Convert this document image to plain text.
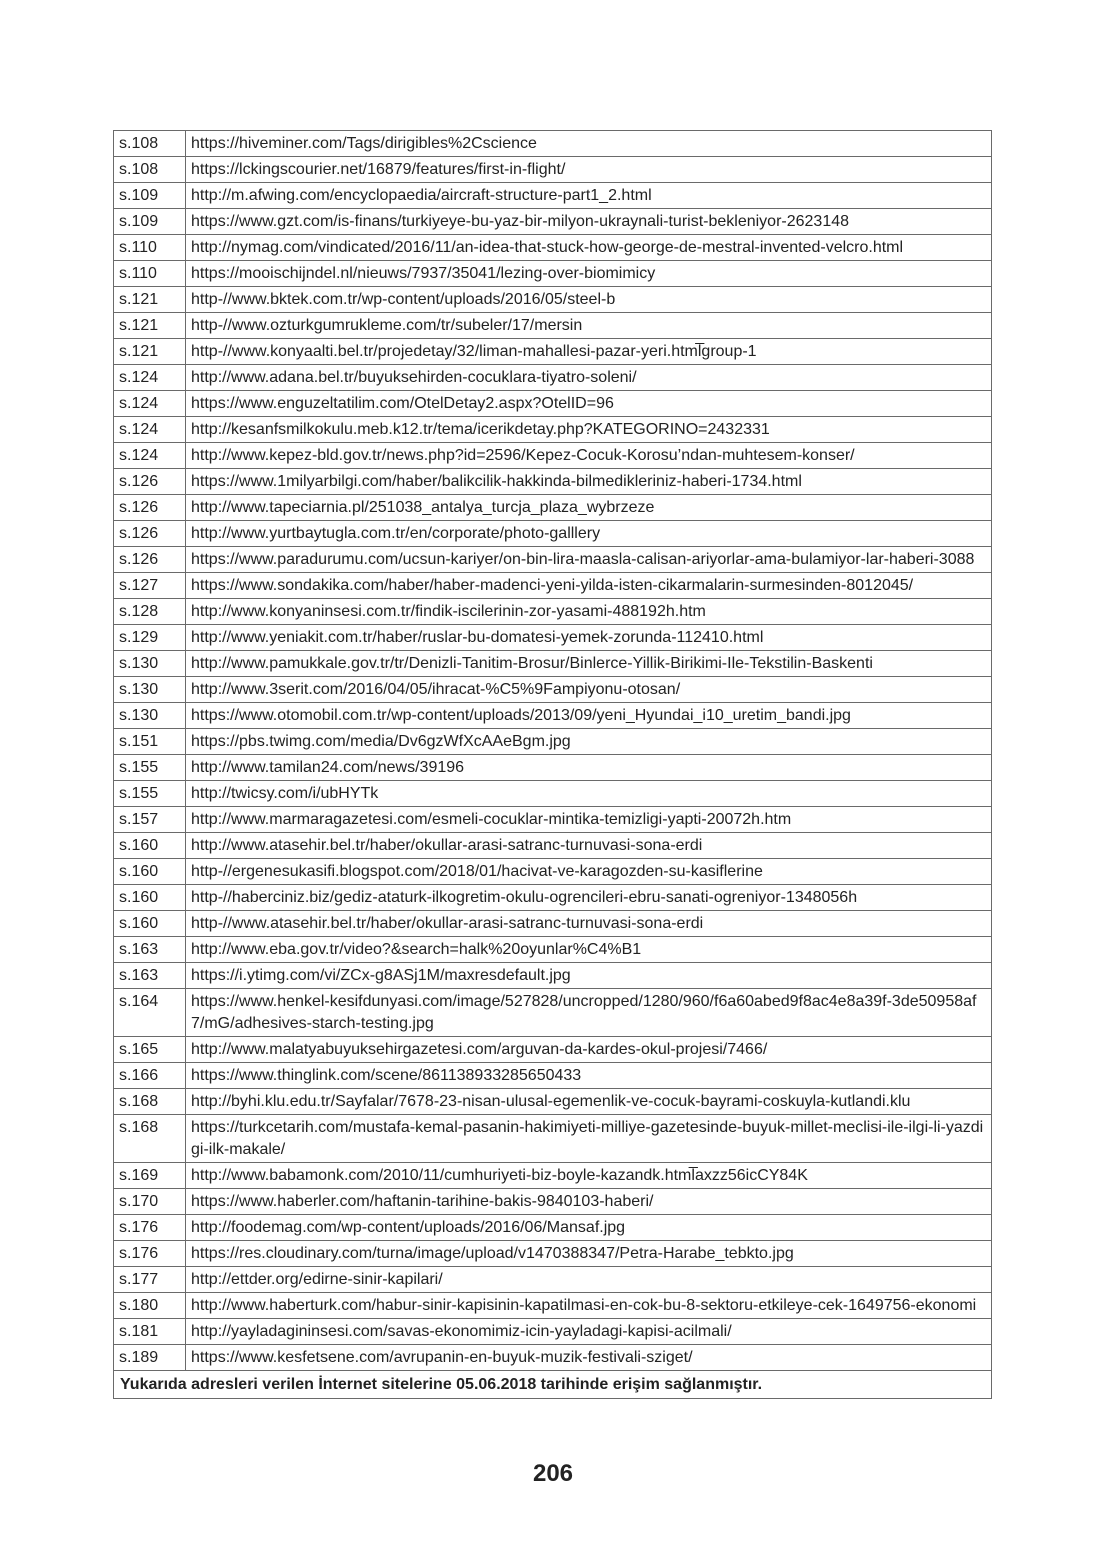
s.108	https://hiveminer.com/Tags/dirigibles%2Cscience
s.108	https://lckingscourier.net/16879/features/first-in-flight/
s.109	http://m.afwing.com/encyclopaedia/aircraft-structure-part1_2.html
s.109	https://www.gzt.com/is-finans/turkiyeye-bu-yaz-bir-milyon-ukraynali-turist-bekleniyor-2623148
s.110	http://nymag.com/vindicated/2016/11/an-idea-that-stuck-how-george-de-mestral-invented-velcro.html
s.110	https://mooischijndel.nl/nieuws/7937/35041/lezing-over-biomimicy
s.121	http-//www.bktek.com.tr/wp-content/uploads/2016/05/steel-b
s.121	http-//www.ozturkgumrukleme.com/tr/subeler/17/mersin
s.121	http-//www.konyaalti.bel.tr/projedetay/32/liman-mahallesi-pazar-yeri.html̅group-1
s.124	http://www.adana.bel.tr/buyuksehirden-cocuklara-tiyatro-soleni/
s.124	https://www.enguzeltatilim.com/OtelDetay2.aspx?OtelID=96
s.124	http://kesanfsmilkokulu.meb.k12.tr/tema/icerikdetay.php?KATEGORINO=2432331
s.124	http://www.kepez-bld.gov.tr/news.php?id=2596/Kepez-Cocuk-Korosu’ndan-muhtesem-konser/
s.126	https://www.1milyarbilgi.com/haber/balikcilik-hakkinda-bilmedikleriniz-haberi-1734.html
s.126	http://www.tapeciarnia.pl/251038_antalya_turcja_plaza_wybrzeze
s.126	http://www.yurtbaytugla.com.tr/en/corporate/photo-galllery
s.126	https://www.paradurumu.com/ucsun-kariyer/on-bin-lira-maasla-calisan-ariyorlar-ama-bulamiyor-lar-haberi-3088
s.127	https://www.sondakika.com/haber/haber-madenci-yeni-yilda-isten-cikarmalarin-surmesinden-8012045/
s.128	http://www.konyaninsesi.com.tr/findik-iscilerinin-zor-yasami-488192h.htm
s.129	http://www.yeniakit.com.tr/haber/ruslar-bu-domatesi-yemek-zorunda-112410.html
s.130	http://www.pamukkale.gov.tr/tr/Denizli-Tanitim-Brosur/Binlerce-Yillik-Birikimi-Ile-Tekstilin-Baskenti
s.130	http://www.3serit.com/2016/04/05/ihracat-%C5%9Fampiyonu-otosan/
s.130	https://www.otomobil.com.tr/wp-content/uploads/2013/09/yeni_Hyundai_i10_uretim_bandi.jpg
s.151	https://pbs.twimg.com/media/Dv6gzWfXcAAeBgm.jpg
s.155	http://www.tamilan24.com/news/39196
s.155	http://twicsy.com/i/ubHYTk
s.157	http://www.marmaragazetesi.com/esmeli-cocuklar-mintika-temizligi-yapti-20072h.htm
s.160	http://www.atasehir.bel.tr/haber/okullar-arasi-satranc-turnuvasi-sona-erdi
s.160	http-//ergenesukasifi.blogspot.com/2018/01/hacivat-ve-karagozden-su-kasiflerine
s.160	http-//haberciniz.biz/gediz-ataturk-ilkogretim-okulu-ogrencileri-ebru-sanati-ogreniyor-1348056h
s.160	http-//www.atasehir.bel.tr/haber/okullar-arasi-satranc-turnuvasi-sona-erdi
s.163	http://www.eba.gov.tr/video?&search=halk%20oyunlar%C4%B1
s.163	https://i.ytimg.com/vi/ZCx-g8ASj1M/maxresdefault.jpg
s.164	https://www.henkel-kesifdunyasi.com/image/527828/uncropped/1280/960/f6a60abed9f8ac4e8a39f-3de50958af7/mG/adhesives-starch-testing.jpg
s.165	http://www.malatyabuyuksehirgazetesi.com/arguvan-da-kardes-okul-projesi/7466/
s.166	https://www.thinglink.com/scene/861138933285650433
s.168	http://byhi.klu.edu.tr/Sayfalar/7678-23-nisan-ulusal-egemenlik-ve-cocuk-bayrami-coskuyla-kutlandi.klu
s.168	https://turkcetarih.com/mustafa-kemal-pasanin-hakimiyeti-milliye-gazetesinde-buyuk-millet-meclisi-ile-ilgi-li-yazdigi-ilk-makale/
s.169	http://www.babamonk.com/2010/11/cumhuriyeti-biz-boyle-kazandk.html̅axzz56icCY84K
s.170	https://www.haberler.com/haftanin-tarihine-bakis-9840103-haberi/
s.176	http://foodemag.com/wp-content/uploads/2016/06/Mansaf.jpg
s.176	https://res.cloudinary.com/turna/image/upload/v1470388347/Petra-Harabe_tebkto.jpg
s.177	http://ettder.org/edirne-sinir-kapilari/
s.180	http://www.haberturk.com/habur-sinir-kapisinin-kapatilmasi-en-cok-bu-8-sektoru-etkileye-cek-1649756-ekonomi
s.181	http://yayladagininsesi.com/savas-ekonomimiz-icin-yayladagi-kapisi-acilmali/
s.189	https://www.kesfetsene.com/avrupanin-en-buyuk-muzik-festivali-sziget/
Yukarıda adresleri verilen İnternet sitelerine 05.06.2018 tarihinde erişim sağlanmıştır.	
206
